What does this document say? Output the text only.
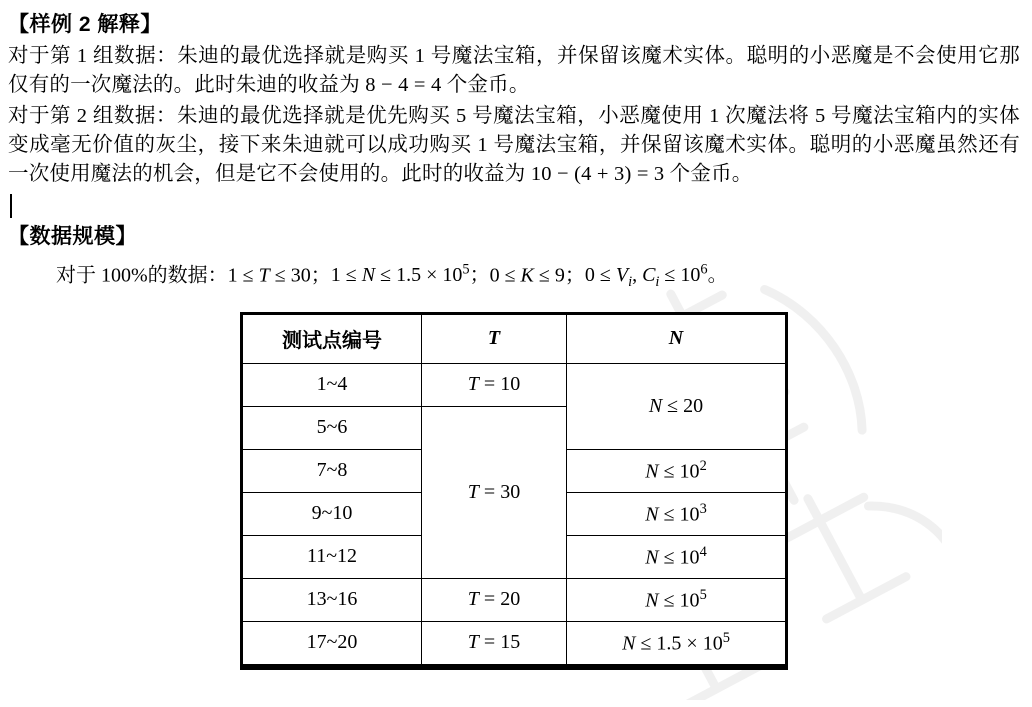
【样例 2 解释】

对于第 1 组数据：朱迪的最优选择就是购买 1 号魔法宝箱，并保留该魔术实体。聪明的小恶魔是不会使用它那仅有的一次魔法的。此时朱迪的收益为 8 − 4 = 4 个金币。

对于第 2 组数据：朱迪的最优选择就是优先购买 5 号魔法宝箱，小恶魔使用 1 次魔法将 5 号魔法宝箱内的实体变成毫无价值的灰尘，接下来朱迪就可以成功购买 1 号魔法宝箱，并保留该魔术实体。聪明的小恶魔虽然还有一次使用魔法的机会，但是它不会使用的。此时的收益为 10 − (4 + 3) = 3 个金币。

【数据规模】
对于 100%的数据：1 ≤ T ≤ 30；$1 \le N \le 1.5 \times 10^5$；0 ≤ K ≤ 9；$0 \le V_i$, $C_i \le 10^6$。
测试点编号	T	N
1~4	T = 10	N ≤ 20
5~6	T = 30	
7~8		$N \le 10^2$
9~10		$N \le 10^3$
11~12		$N \le 10^4$
13~16	T = 20	$N \le 10^5$
17~20	T = 15	$N \le 1.5 \times 10^5$
